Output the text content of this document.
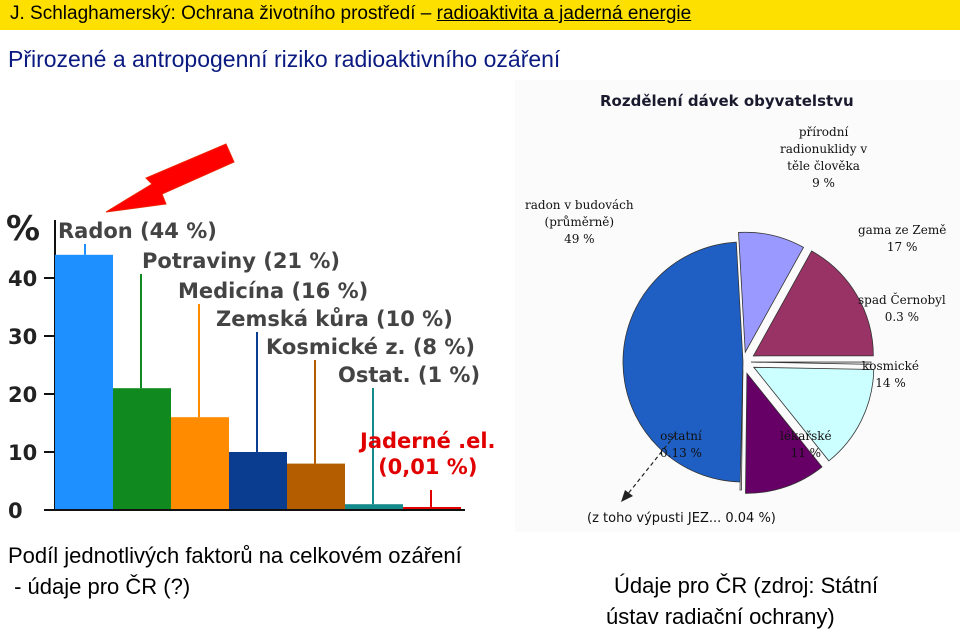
J. Schlaghamerský: Ochrana životního prostředí – radioaktivita a jaderná energie
Přirozené a antropogenní riziko radioaktivního ozáření
%
0
10
20
30
40
Radon (44 %)
Potraviny (21 %)
Medicína (16 %)
Zemská kůra (10 %)
Kosmické z. (8 %)
Ostat. (1 %)
Jaderné .el.
(0,01 %)
Rozdělení dávek obyvatelstvu
(z toho výpusti JEZ... 0.04 %)
radon v budovách
(průměrně)
49 %
přírodní
radionuklidy v
těle člověka
9 %
gama ze Země
17 %
spad Černobyl
0.3 %
kosmické
14 %
lékařské
11 %
ostatní
0.13 %
Podíl jednotlivých faktorů na celkovém ozáření
- údaje pro ČR (?)	Údaje pro ČR (zdroj: Státní
ústav radiační ochrany)
